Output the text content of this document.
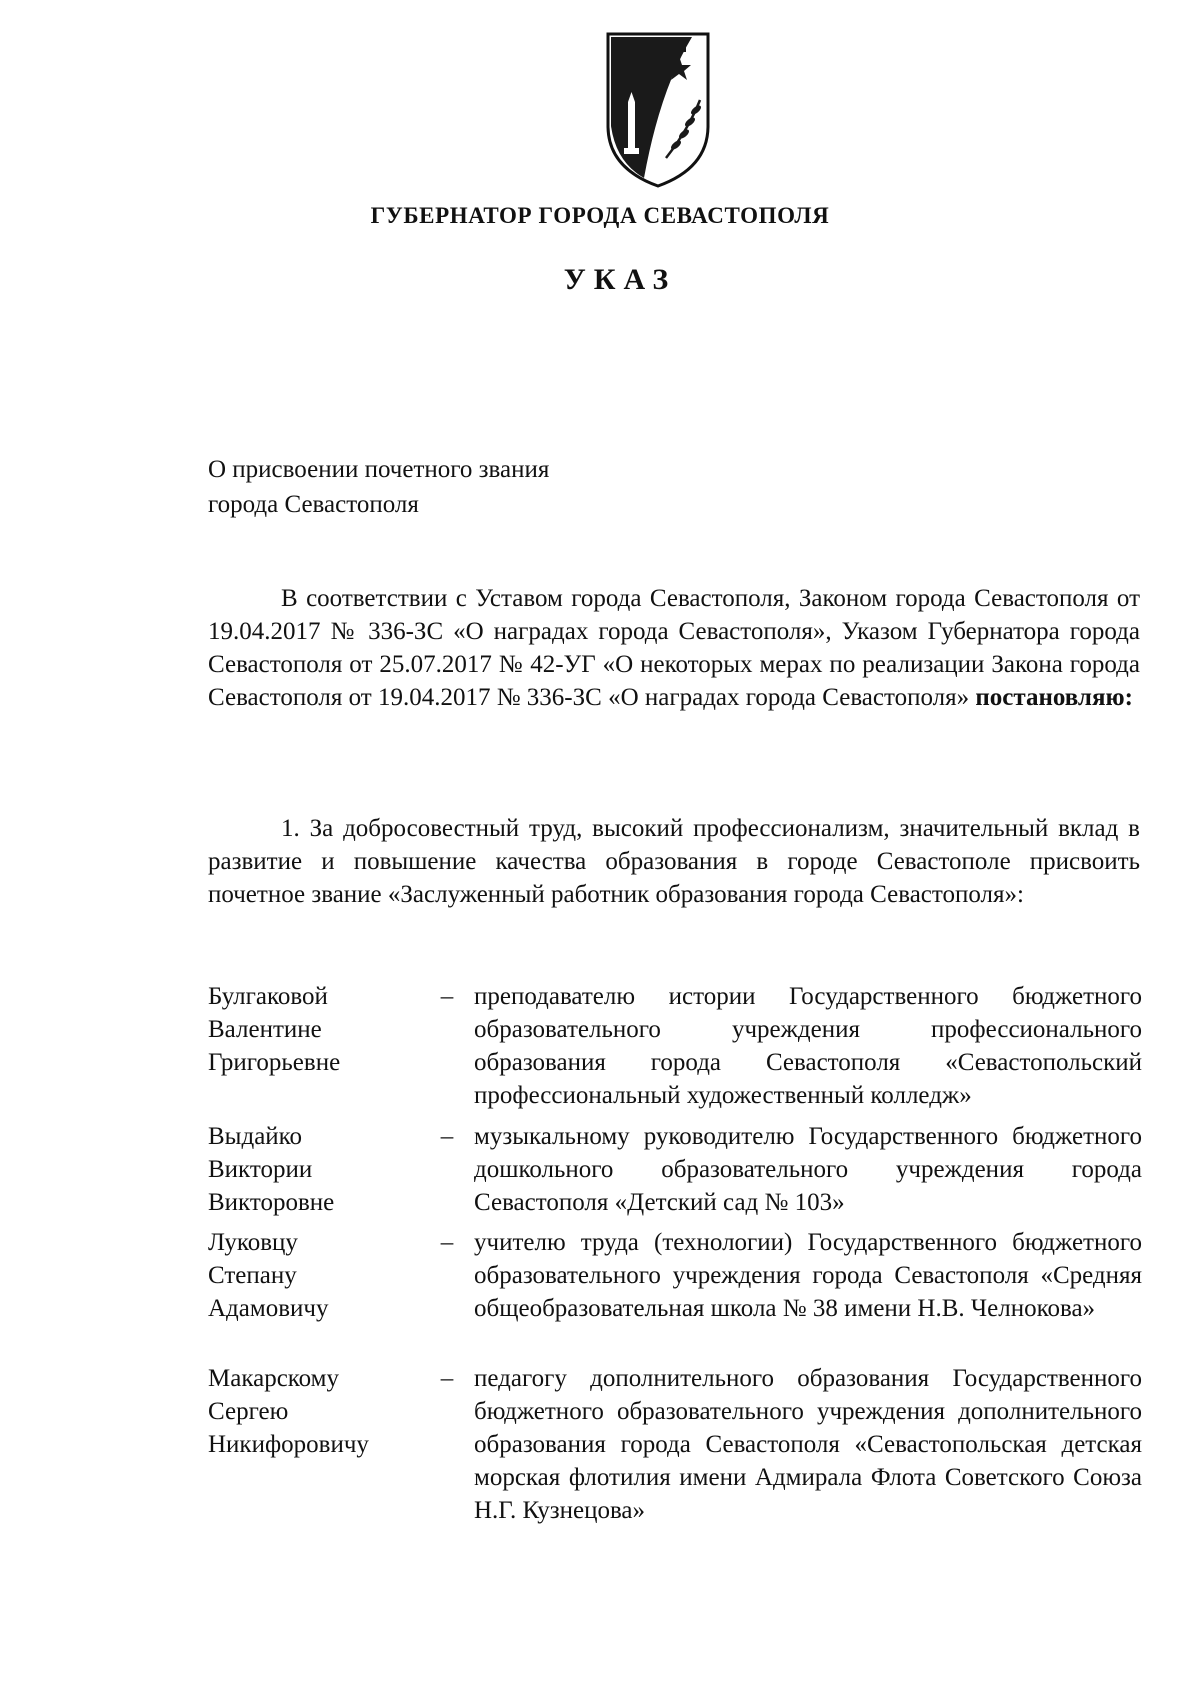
ГУБЕРНАТОР ГОРОДА СЕВАСТОПОЛЯ
УКАЗ
О присвоении почетного звания
города Севастополя
В соответствии с Уставом города Севастополя, Законом города Севастополя от 19.04.2017 № 336-ЗС «О наградах города Севастополя», Указом Губернатора города Севастополя от 25.07.2017 № 42-УГ «О некоторых мерах по реализации Закона города Севастополя от 19.04.2017 № 336-ЗС «О наградах города Севастополя» постановляю:
1. За добросовестный труд, высокий профессионализм, значительный вклад в развитие и повышение качества образования в городе Севастополе присвоить почетное звание «Заслуженный работник образования города Севастополя»:
Булгаковой
Валентине
Григорьевне
– преподавателю истории Государственного бюджетного образовательного учреждения профессионального образования города Севастополя «Севастопольский профессиональный художественный колледж»
Выдайко
Виктории
Викторовне
– музыкальному руководителю Государственного бюджетного дошкольного образовательного учреждения города Севастополя «Детский сад № 103»
Луковцу
Степану
Адамовичу
– учителю труда (технологии) Государственного бюджетного образовательного учреждения города Севастополя «Средняя общеобразовательная школа № 38 имени Н.В. Челнокова»
Макарскому
Сергею
Никифоровичу
– педагогу дополнительного образования Государственного бюджетного образовательного учреждения дополнительного образования города Севастополя «Севастопольская детская морская флотилия имени Адмирала Флота Советского Союза Н.Г. Кузнецова»
